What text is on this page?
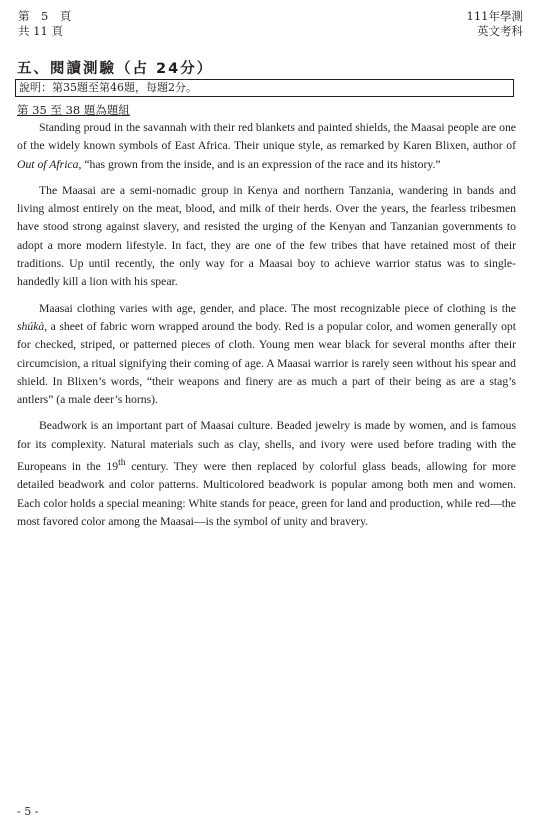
第　5　頁
共 11 頁
111年學測
英文考科
五、閱讀測驗（占 24分）
說明：第35題至第46題，每題2分。
第 35 至 38 題為題組

Standing proud in the savannah with their red blankets and painted shields, the Maasai people are one of the widely known symbols of East Africa. Their unique style, as remarked by Karen Blixen, author of Out of Africa, “has grown from the inside, and is an expression of the race and its history.”

The Maasai are a semi-nomadic group in Kenya and northern Tanzania, wandering in bands and living almost entirely on the meat, blood, and milk of their herds. Over the years, the fearless tribesmen have stood strong against slavery, and resisted the urging of the Kenyan and Tanzanian governments to adopt a more modern lifestyle. In fact, they are one of the few tribes that have retained most of their traditions. Up until recently, the only way for a Maasai boy to achieve warrior status was to single-handedly kill a lion with his spear.

Maasai clothing varies with age, gender, and place. The most recognizable piece of clothing is the shúkà, a sheet of fabric worn wrapped around the body. Red is a popular color, and women generally opt for checked, striped, or patterned pieces of cloth. Young men wear black for several months after their circumcision, a ritual signifying their coming of age. A Maasai warrior is rarely seen without his spear and shield. In Blixen’s words, “their weapons and finery are as much a part of their being as are a stag’s antlers” (a male deer’s horns).

Beadwork is an important part of Maasai culture. Beaded jewelry is made by women, and is famous for its complexity. Natural materials such as clay, shells, and ivory were used before trading with the Europeans in the 19th century. They were then replaced by colorful glass beads, allowing for more detailed beadwork and color patterns. Multicolored beadwork is popular among both men and women. Each color holds a special meaning: White stands for peace, green for land and production, while red—the most favored color among the Maasai—is the symbol of unity and bravery.

- 5 -
